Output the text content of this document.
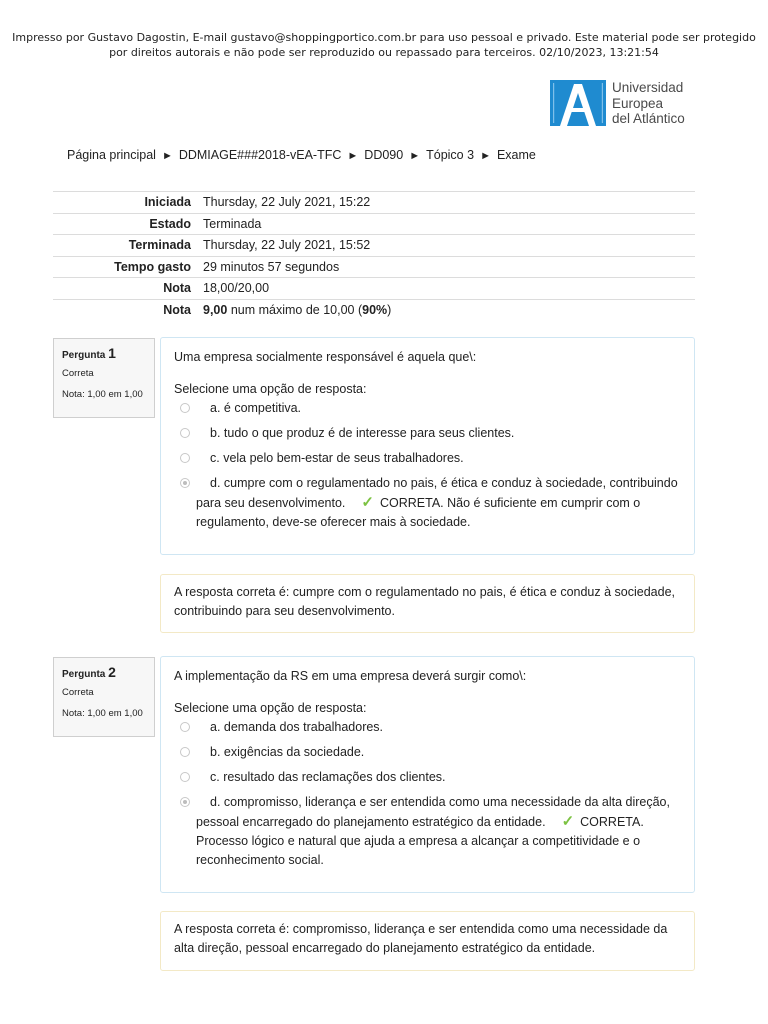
Impresso por Gustavo Dagostin, E-mail gustavo@shoppingportico.com.br para uso pessoal e privado. Este material pode ser protegido
por direitos autorais e não pode ser reproduzido ou repassado para terceiros. 02/10/2023, 13:21:54
Universidad
Europea
del Atlántico
Página principal ► DDMIAGE###2018-vEA-TFC ► DD090 ► Tópico 3 ► Exame
Iniciada	Thursday, 22 July 2021, 15:22
Estado	Terminada
Terminada	Thursday, 22 July 2021, 15:52
Tempo gasto	29 minutos 57 segundos
Nota	18,00/20,00
Nota	9,00 num máximo de 10,00 (90%)
Pergunta 1
Correta
Nota: 1,00 em 1,00
Uma empresa socialmente responsável é aquela que\:
Selecione uma opção de resposta:
a. é competitiva.
b. tudo o que produz é de interesse para seus clientes.
c. vela pelo bem-estar de seus trabalhadores.
d. cumpre com o regulamentado no pais, é ética e conduz à sociedade, contribuindo para seu desenvolvimento. ✓ CORRETA. Não é suficiente em cumprir com o regulamento, deve-se oferecer mais à sociedade.
A resposta correta é: cumpre com o regulamentado no pais, é ética e conduz à sociedade, contribuindo para seu desenvolvimento.
Pergunta 2
Correta
Nota: 1,00 em 1,00
A implementação da RS em uma empresa deverá surgir como\:
Selecione uma opção de resposta:
a. demanda dos trabalhadores.
b. exigências da sociedade.
c. resultado das reclamações dos clientes.
d. compromisso, liderança e ser entendida como uma necessidade da alta direção, pessoal encarregado do planejamento estratégico da entidade. ✓ CORRETA. Processo lógico e natural que ajuda a empresa a alcançar a competitividade e o reconhecimento social.
A resposta correta é: compromisso, liderança e ser entendida como uma necessidade da alta direção, pessoal encarregado do planejamento estratégico da entidade.
